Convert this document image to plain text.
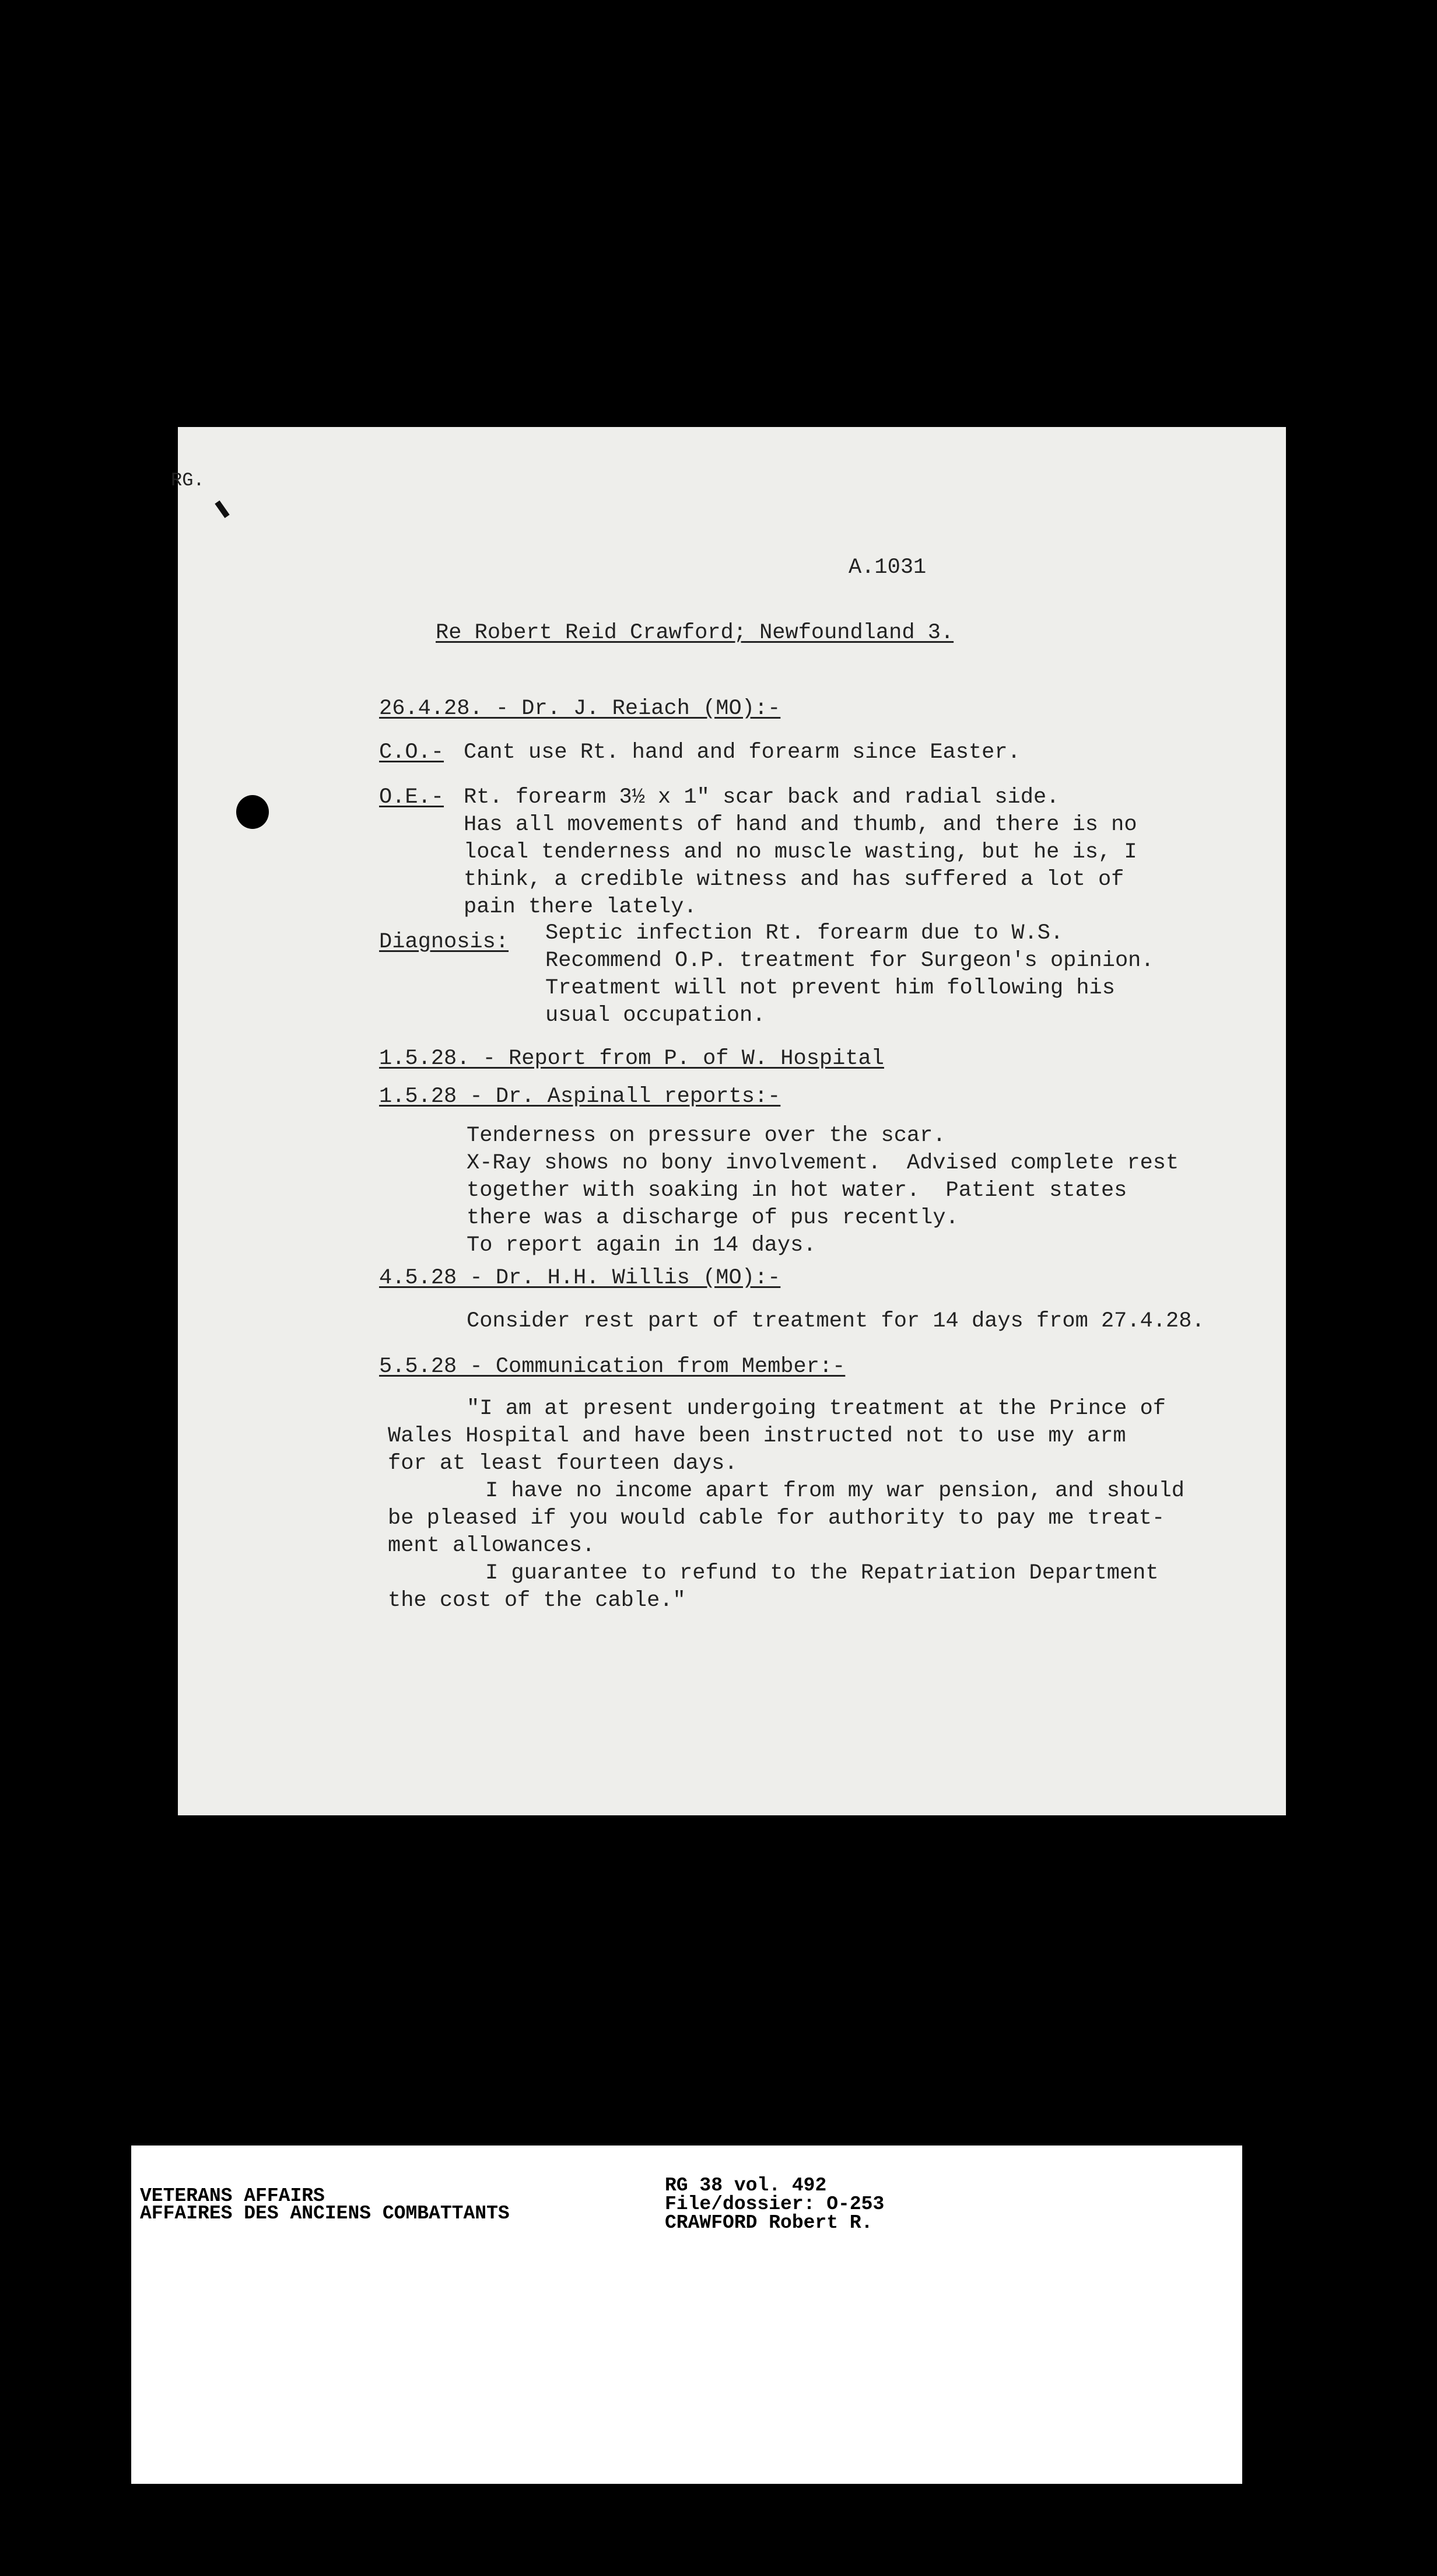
RG.
A.1031
Re Robert Reid Crawford; Newfoundland 3.
26.4.28. - Dr. J. Reiach (MO):-
C.O.- Cant use Rt. hand and forearm since Easter.
O.E.- Rt. forearm 3½ x 1" scar back and radial side.
Has all movements of hand and thumb, and there is no
local tenderness and no muscle wasting, but he is, I
think, a credible witness and has suffered a lot of
pain there lately.
Diagnosis: Septic infection Rt. forearm due to W.S.
Recommend O.P. treatment for Surgeon's opinion.
Treatment will not prevent him following his
usual occupation.
1.5.28. - Report from P. of W. Hospital
1.5.28 - Dr. Aspinall reports:-
Tenderness on pressure over the scar.
X-Ray shows no bony involvement.  Advised complete rest
together with soaking in hot water.  Patient states
there was a discharge of pus recently.
To report again in 14 days.
4.5.28 - Dr. H.H. Willis (MO):-
Consider rest part of treatment for 14 days from 27.4.28.
5.5.28 - Communication from Member:-
"I am at present undergoing treatment at the Prince of
Wales Hospital and have been instructed not to use my arm
for at least fourteen days.
I have no income apart from my war pension, and should
be pleased if you would cable for authority to pay me treat-
ment allowances.
I guarantee to refund to the Repatriation Department
the cost of the cable."
VETERANS AFFAIRS
AFFAIRES DES ANCIENS COMBATTANTS
RG 38 vol. 492
File/dossier: O-253
CRAWFORD Robert R.
